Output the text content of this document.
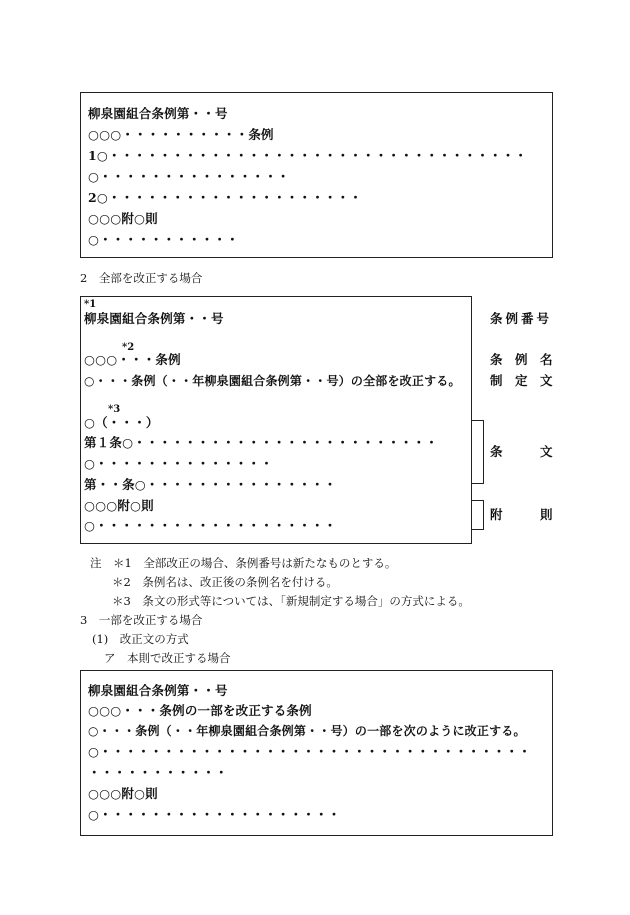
柳泉園組合条例第・・号
○○○・・・・・・・・・・条例
1○・・・・・・・・・・・・・・・・・・・・・・・・・・・・・・・・・
○・・・・・・・・・・・・・・・
2○・・・・・・・・・・・・・・・・・・・・
○○○附○則
○・・・・・・・・・・・
2　全部を改正する場合
*1
柳泉園組合条例第・・号
*2
○○○・・・条例
○・・・条例（・・年柳泉園組合条例第・・号）の全部を改正する。
*3
○（・・・）
第１条○・・・・・・・・・・・・・・・・・・・・・・・・
○・・・・・・・・・・・・・・
第・・条○・・・・・・・・・・・・・・・
○○○附○則
○・・・・・・・・・・・・・・・・・・・
条例番号
条　例　名
制　定　文
条　　　文
附　　　則
注　＊1　全部改正の場合、条例番号は新たなものとする。
＊2　条例名は、改正後の条例名を付ける。
＊3　条文の形式等については、「新規制定する場合」の方式による。
3　一部を改正する場合
(1)　改正文の方式
ア　本則で改正する場合
柳泉園組合条例第・・号
○○○・・・条例の一部を改正する条例
○・・・条例（・・年柳泉園組合条例第・・号）の一部を次のように改正する。
○・・・・・・・・・・・・・・・・・・・・・・・・・・・・・・・・・・
・・・・・・・・・・・
○○○附○則
○・・・・・・・・・・・・・・・・・・・
